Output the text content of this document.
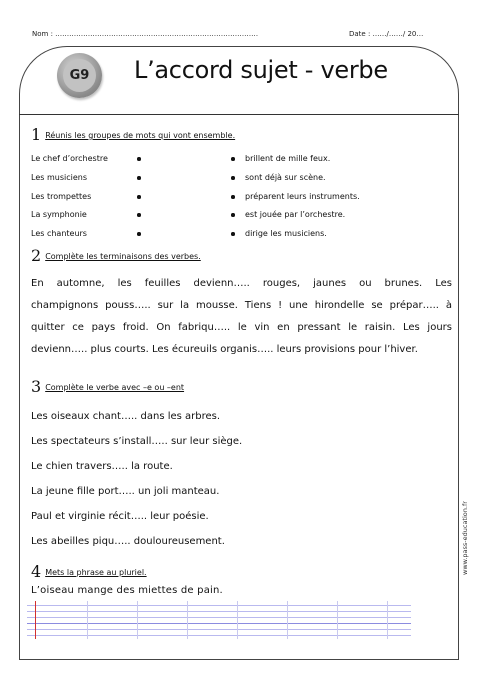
Nom : ……………………………………………………………………………	Date : ……/……/ 20…
G9 L’accord sujet - verbe
1 Réunis les groupes de mots qui vont ensemble.
Le chef d’orchestre
Les musiciens
Les trompettes
La symphonie
Les chanteurs
brillent de mille feux.
sont déjà sur scène.
préparent leurs instruments.
est jouée par l’orchestre.
dirige les musiciens.
2 Complète les terminaisons des verbes.
En automne, les feuilles devienn….. rouges, jaunes ou brunes. Les
champignons pouss….. sur la mousse. Tiens ! une hirondelle se prépar….. à
quitter ce pays froid. On fabriqu….. le vin en pressant le raisin. Les jours
devienn….. plus courts. Les écureuils organis….. leurs provisions pour l’hiver.
3 Complète le verbe avec –e ou –ent
Les oiseaux chant….. dans les arbres.
Les spectateurs s’install….. sur leur siège.
Le chien travers….. la route.
La jeune fille port….. un joli manteau.
Paul et virginie récit….. leur poésie.
Les abeilles piqu….. douloureusement.
4 Mets la phrase au pluriel.
L’oiseau mange des miettes de pain.
www.pass-education.fr
